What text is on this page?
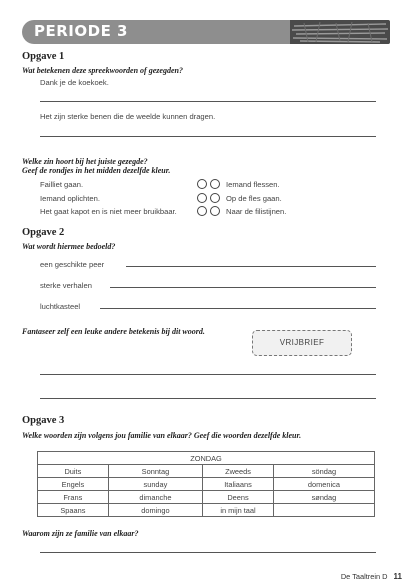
PERIODE 3
Opgave 1
Wat betekenen deze spreekwoorden of gezegden?
Dank je de koekoek.
Het zijn sterke benen die de weelde kunnen dragen.
Welke zin hoort bij het juiste gezegde?
Geef de rondjes in het midden dezelfde kleur.
Failliet gaan.	Iemand flessen.
Iemand oplichten.	Op de fles gaan.
Het gaat kapot en is niet meer bruikbaar.	Naar de filistijnen.
Opgave 2
Wat wordt hiermee bedoeld?
een geschikte peer
sterke verhalen
luchtkasteel
Fantaseer zelf een leuke andere betekenis bij dit woord.
VRIJBRIEF
Opgave 3
Welke woorden zijn volgens jou familie van elkaar? Geef die woorden dezelfde kleur.
ZONDAG			
Duits	Sonntag	Zweeds	söndag
Engels	sunday	Italiaans	domenica
Frans	dimanche	Deens	søndag
Spaans	domingo	in mijn taal	
Waarom zijn ze familie van elkaar?
De Taaltrein D 11
